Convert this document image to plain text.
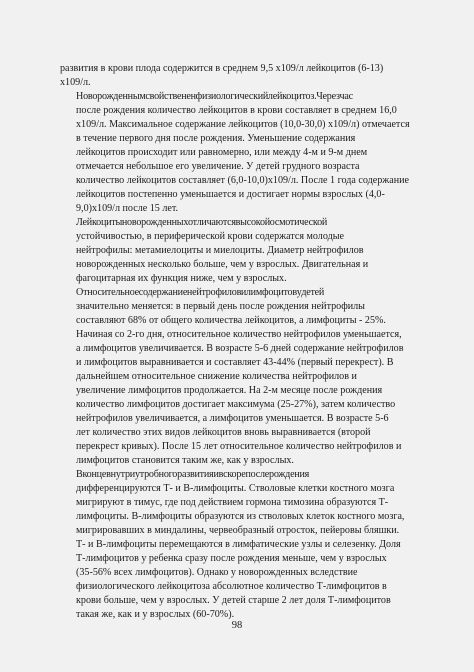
развития в крови плода содержится в среднем 9,5 х109/л лейкоцитов (6-13)
х109/л.

Новорожденным свойственен физиологический лейкоцитоз. Через час
после рождения количество лейкоцитов в крови составляет в среднем 16,0
х109/л. Максимальное содержание лейкоцитов (10,0-30,0) х109/л) отмечается
в течение первого дня после рождения. Уменьшение содержания
лейкоцитов происходит или равномерно, или между 4-м и 9-м днем
отмечается небольшое его увеличение. У детей грудного возраста
количество лейкоцитов составляет (6,0-10,0)х109/л. После 1 года содержание
лейкоцитов постепенно уменьшается и достигает нормы взрослых (4,0-
9,0)х109/л после 15 лет.

Лейкоциты новорожденных отличаются высокой осмотической
устойчивостью, в периферической крови содержатся молодые
нейтрофилы: метамиелоциты и миелоциты. Диаметр нейтрофилов
новорожденных несколько больше, чем у взрослых. Двигательная и
фагоцитарная их функция ниже, чем у взрослых.

Относительное содержание нейтрофилов и лимфоцитов у детей
значительно меняется: в первый день после рождения нейтрофилы
составляют 68% от общего количества лейкоцитов, а лимфоциты - 25%.
Начиная со 2-го дня, относительное количество нейтрофилов уменьшается,
а лимфоцитов увеличивается. В возрасте 5-6 дней содержание нейтрофилов
и лимфоцитов выравнивается и составляет 43-44% (первый перекрест). В
дальнейшем относительное снижение количества нейтрофилов и
увеличение лимфоцитов продолжается. На 2-м месяце после рождения
количество лимфоцитов достигает максимума (25-27%), затем количество
нейтрофилов увеличивается, а лимфоцитов уменьшается. В возрасте 5-6
лет количество этих видов лейкоцитов вновь выравнивается (второй
перекрест кривых). После 15 лет относительное количество нейтрофилов и
лимфоцитов становится таким же, как у взрослых.

В конце внутриутробного развития и вскоре после рождения
дифференцируются Т- и В-лимфоциты. Стволовые клетки костного мозга
мигрируют в тимус, где под действием гормона тимозина образуются Т-
лимфоциты. В-лимфоциты образуются из стволовых клеток костного мозга,
мигрировавших в миндалины, червеобразный отросток, пейеровы бляшки.
Т- и В-лимфоциты перемещаются в лимфатические узлы и селезенку. Доля
Т-лимфоцитов у ребенка сразу после рождения меньше, чем у взрослых
(35-56% всех лимфоцитов). Однако у новорожденных вследствие
физиологического лейкоцитоза абсолютное количество Т-лимфоцитов в
крови больше, чем у взрослых. У детей старше 2 лет доля Т-лимфоцитов
такая же, как и у взрослых (60-70%).

98
